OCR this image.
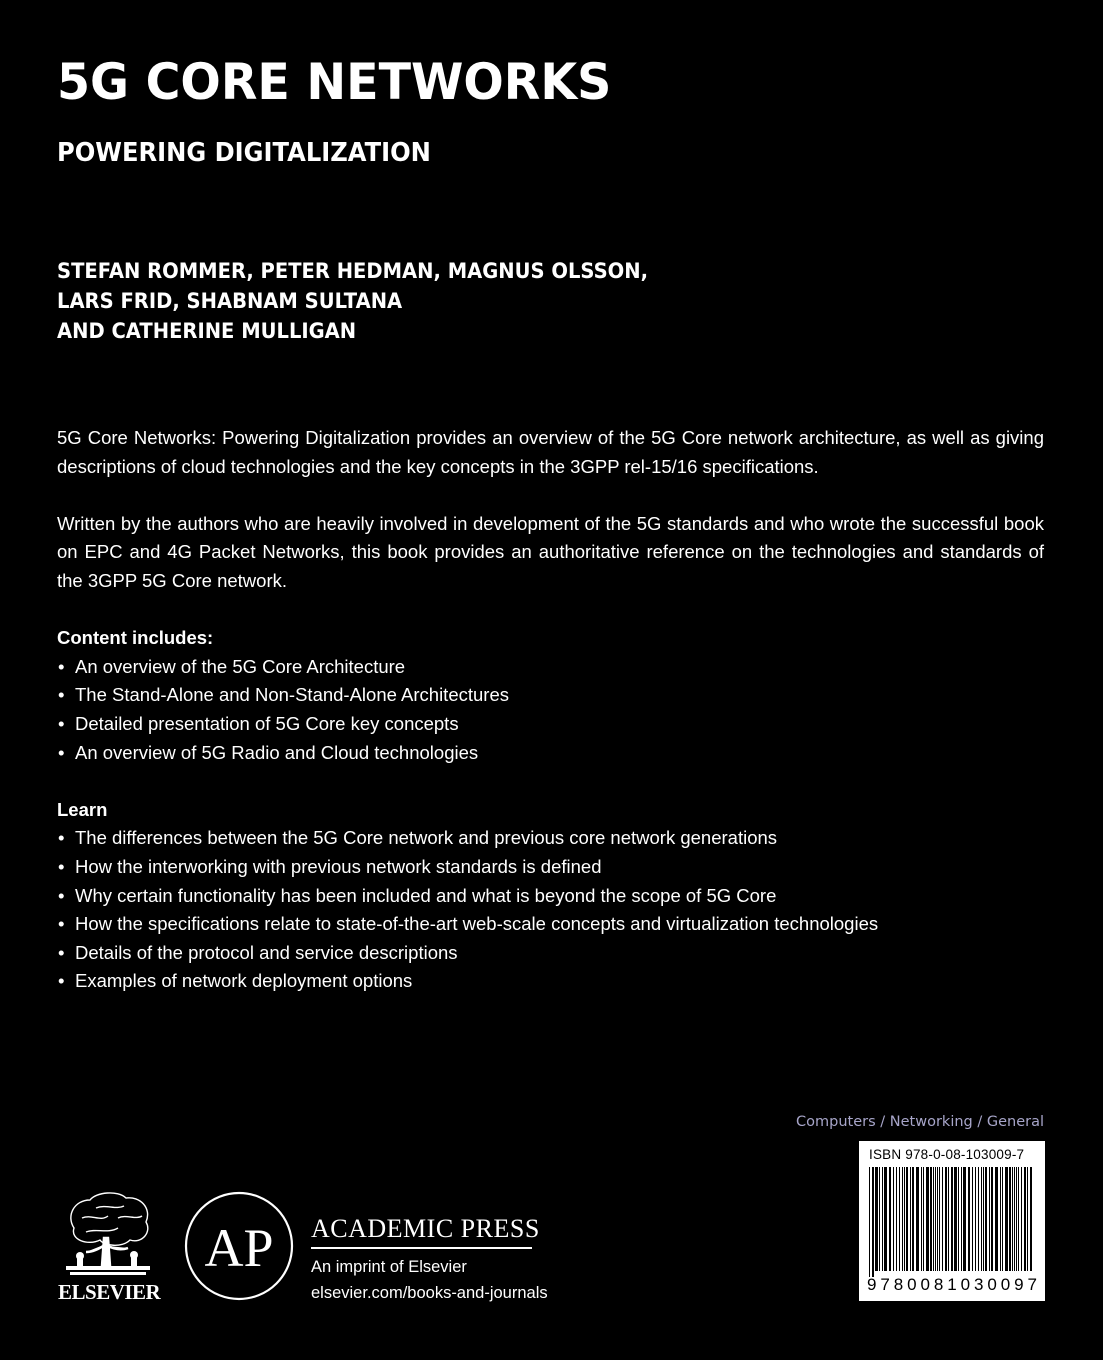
5G CORE NETWORKS
POWERING DIGITALIZATION
STEFAN ROMMER, PETER HEDMAN, MAGNUS OLSSON,
LARS FRID, SHABNAM SULTANA
AND CATHERINE MULLIGAN

5G Core Networks: Powering Digitalization provides an overview of the 5G Core network architecture, as well as giving descriptions of cloud technologies and the key concepts in the 3GPP rel-15/16 specifications.

Written by the authors who are heavily involved in development of the 5G standards and who wrote the successful book on EPC and 4G Packet Networks, this book provides an authoritative reference on the technologies and standards of the 3GPP 5G Core network.

Content includes:
• An overview of the 5G Core Architecture
• The Stand-Alone and Non-Stand-Alone Architectures
• Detailed presentation of 5G Core key concepts
• An overview of 5G Radio and Cloud technologies
Learn
• The differences between the 5G Core network and previous core network generations
• How the interworking with previous network standards is defined
• Why certain functionality has been included and what is beyond the scope of 5G Core
• How the specifications relate to state-of-the-art web-scale concepts and virtualization technologies
• Details of the protocol and service descriptions
• Examples of network deployment options
Computers / Networking / General
ISBN 978-0-08-103009-7
9 7 8 0 0 8 1 0 3 0 0 9 7
ELSEVIER
AP ACADEMIC PRESS
An imprint of Elsevier
elsevier.com/books-and-journals
